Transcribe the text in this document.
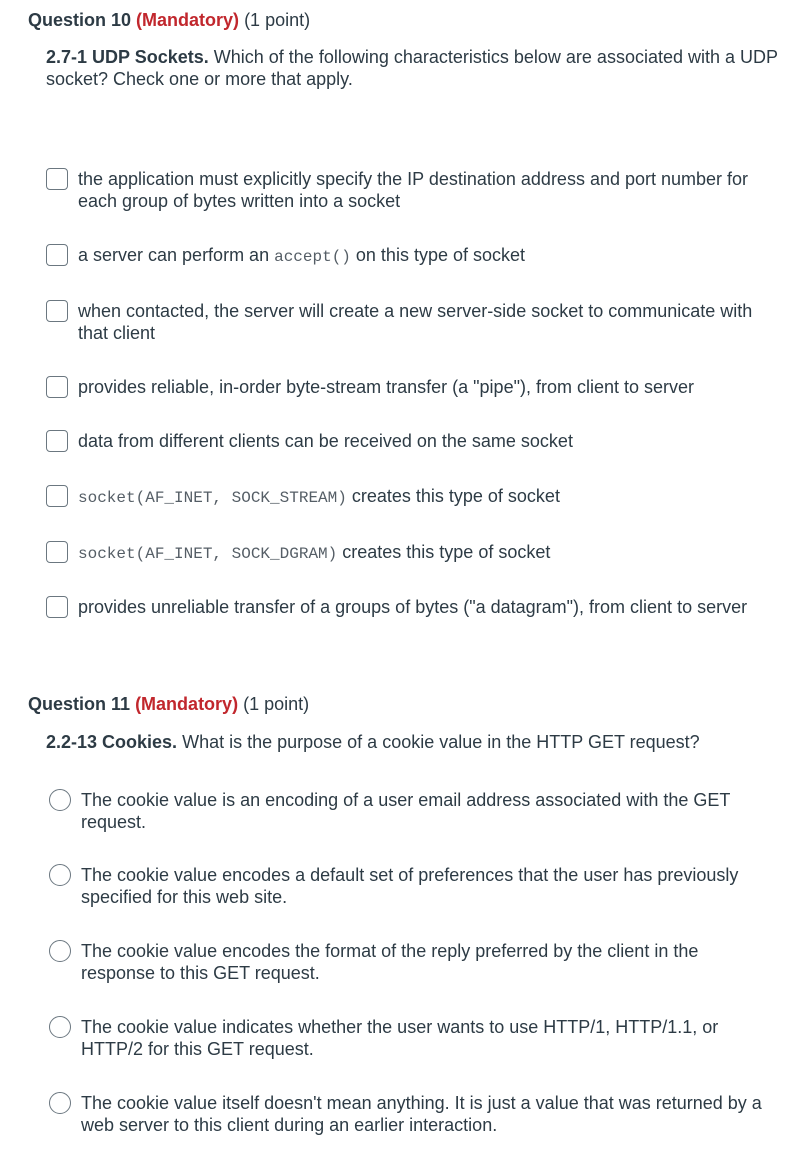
Question 10 (Mandatory) (1 point)
2.7-1 UDP Sockets. Which of the following characteristics below are associated with a UDP socket? Check one or more that apply.
the application must explicitly specify the IP destination address and port number for each group of bytes written into a socket
a server can perform an accept() on this type of socket
when contacted, the server will create a new server-side socket to communicate with that client
provides reliable, in-order byte-stream transfer (a "pipe"), from client to server
data from different clients can be received on the same socket
socket(AF_INET, SOCK_STREAM) creates this type of socket
socket(AF_INET, SOCK_DGRAM) creates this type of socket
provides unreliable transfer of a groups of bytes ("a datagram"), from client to server
Question 11 (Mandatory) (1 point)
2.2-13 Cookies. What is the purpose of a cookie value in the HTTP GET request?
The cookie value is an encoding of a user email address associated with the GET request.
The cookie value encodes a default set of preferences that the user has previously specified for this web site.
The cookie value encodes the format of the reply preferred by the client in the response to this GET request.
The cookie value indicates whether the user wants to use HTTP/1, HTTP/1.1, or HTTP/2 for this GET request.
The cookie value itself doesn't mean anything. It is just a value that was returned by a web server to this client during an earlier interaction.
